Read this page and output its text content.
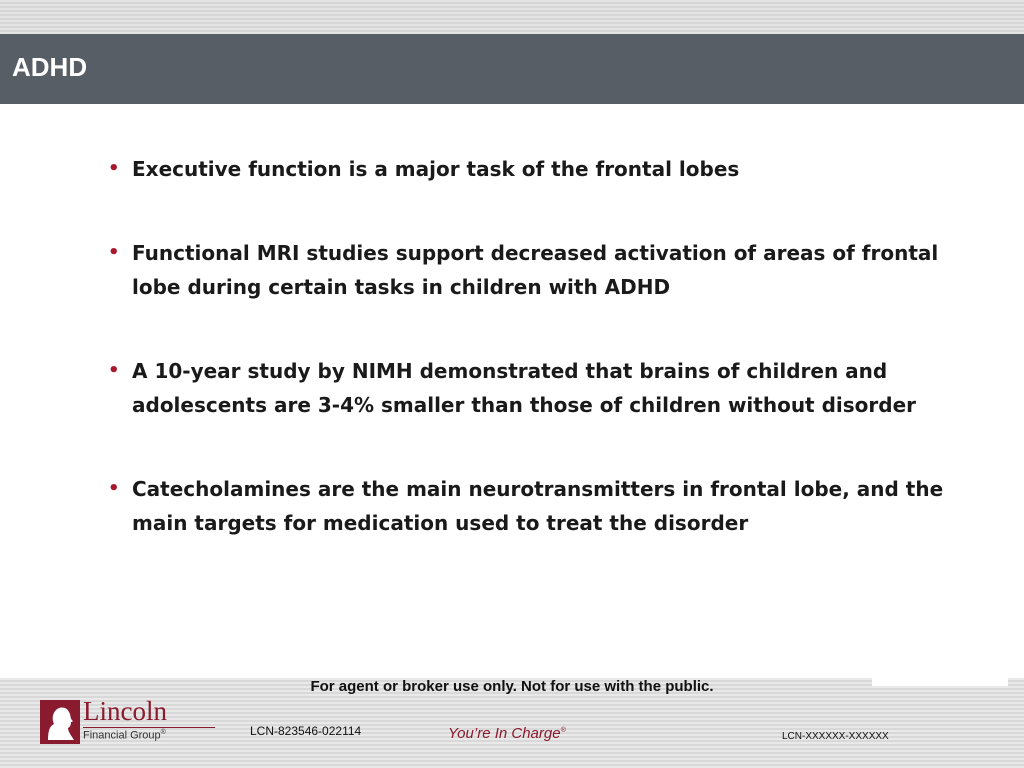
ADHD
• Executive function is a major task of the frontal lobes
• Functional MRI studies support decreased activation of areas of frontal lobe during certain tasks in children with ADHD
• A 10-year study by NIMH demonstrated that brains of children and adolescents are 3-4% smaller than those of children without disorder
• Catecholamines are the main neurotransmitters in frontal lobe, and the main targets for medication used to treat the disorder
For agent or broker use only. Not for use with the public.
Lincoln
Financial Group®	LCN-823546-022114	You’re In Charge®
LCN-XXXXXX-XXXXXX
